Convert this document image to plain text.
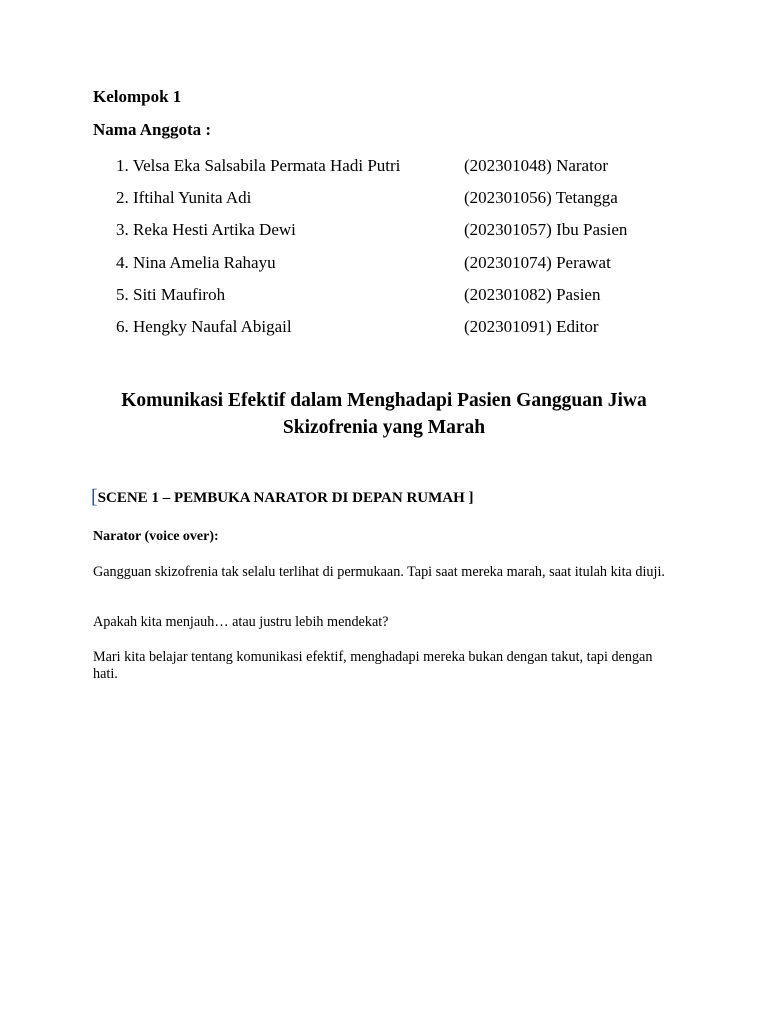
Kelompok 1
Nama Anggota :
1. Velsa Eka Salsabila Permata Hadi Putri	(202301048) Narator
2. Iftihal Yunita Adi	(202301056) Tetangga
3. Reka Hesti Artika Dewi	(202301057) Ibu Pasien
4. Nina Amelia Rahayu	(202301074) Perawat
5. Siti Maufiroh	(202301082) Pasien
6. Hengky Naufal Abigail	(202301091) Editor
Komunikasi Efektif dalam Menghadapi Pasien Gangguan Jiwa
Skizofrenia yang Marah
[SCENE 1 – PEMBUKA NARATOR DI DEPAN RUMAH ]
Narator (voice over):
Gangguan skizofrenia tak selalu terlihat di permukaan. Tapi saat mereka marah, saat itulah kita diuji.
Apakah kita menjauh… atau justru lebih mendekat?
Mari kita belajar tentang komunikasi efektif, menghadapi mereka bukan dengan takut, tapi dengan hati.
